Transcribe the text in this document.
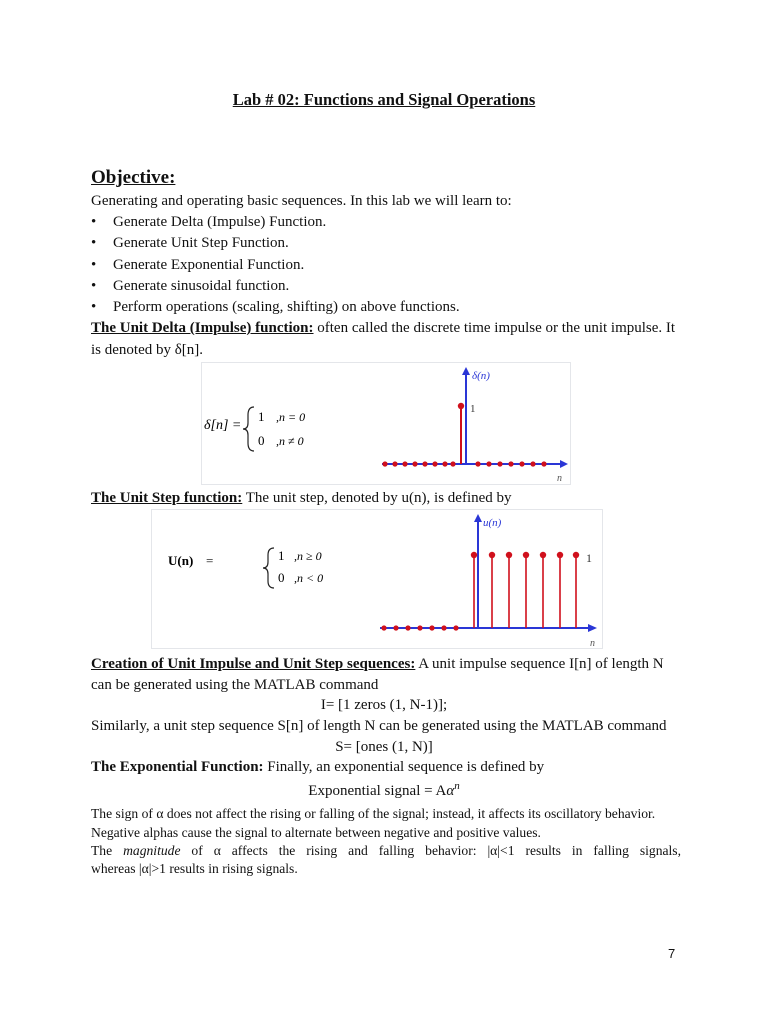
Lab # 02: Functions and Signal Operations
Objective:
Generating and operating basic sequences. In this lab we will learn to:
• Generate Delta (Impulse) Function.
• Generate Unit Step Function.
• Generate Exponential Function.
• Generate sinusoidal function.
• Perform operations (scaling, shifting) on above functions.
The Unit Delta (Impulse) function: often called the discrete time impulse or the unit impulse. It
is denoted by δ[n].
δ[n] =
1 ,n = 0
0 ,n ≠ 0
δ(n)
n
1
The Unit Step function: The unit step, denoted by u(n), is defined by
U(n) =	1 ,n ≥ 0
0 ,n < 0
u(n)
n
1
Creation of Unit Impulse and Unit Step sequences: A unit impulse sequence I[n] of length N
can be generated using the MATLAB command
I= [1 zeros (1, N-1)];
Similarly, a unit step sequence S[n] of length N can be generated using the MATLAB command
S= [ones (1, N)]
The Exponential Function: Finally, an exponential sequence is defined by
Exponential signal = $A\alpha^n$
The sign of α does not affect the rising or falling of the signal; instead, it affects its oscillatory behavior.
Negative alphas cause the signal to alternate between negative and positive values.
The magnitude of α affects the rising and falling behavior: |α|<1 results in falling signals,
whereas |α|>1 results in rising signals.
7
